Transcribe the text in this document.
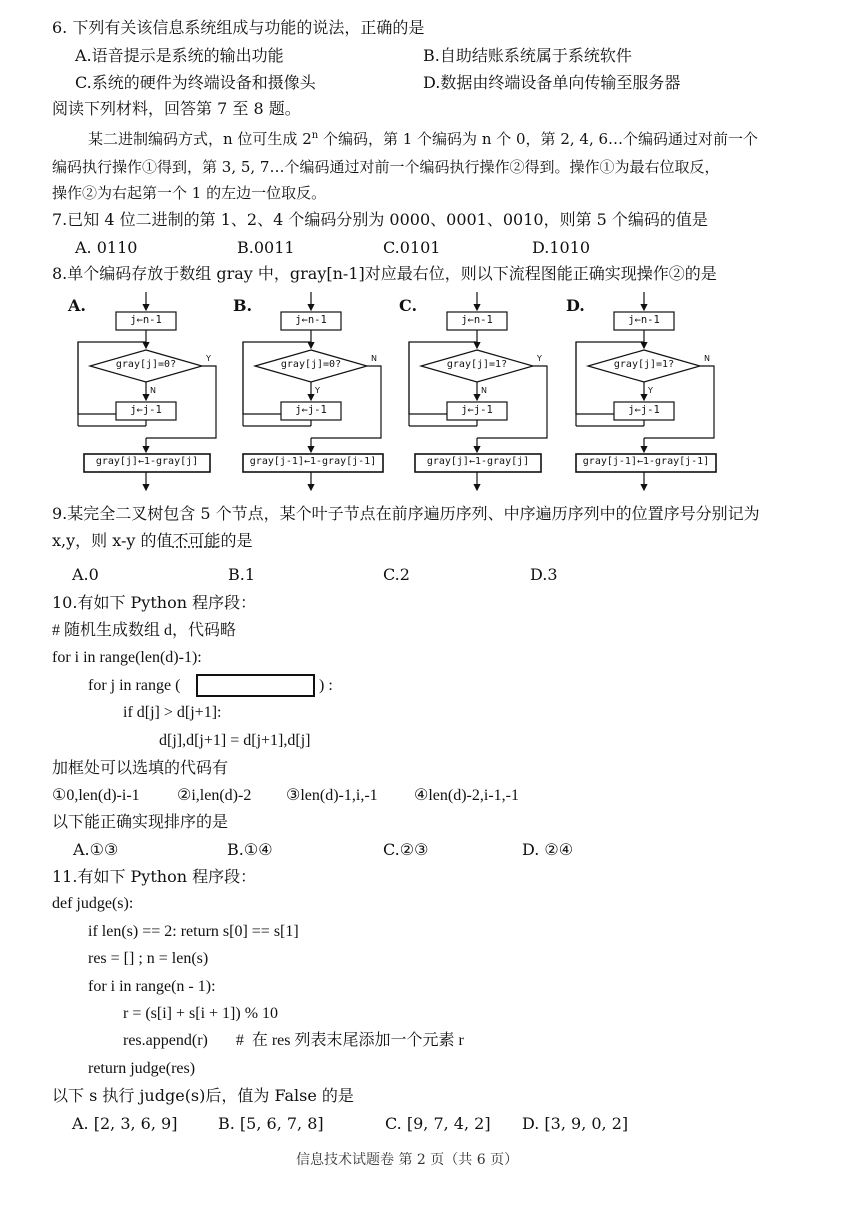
6. 下列有关该信息系统组成与功能的说法，正确的是
A.语音提示是系统的输出功能	B.自助结账系统属于系统软件
C.系统的硬件为终端设备和摄像头	D.数据由终端设备单向传输至服务器
阅读下列材料，回答第 7 至 8 题。
某二进制编码方式，n 位可生成 2$^n$ 个编码，第 1 个编码为 n 个 0，第 2, 4, 6…个编码通过对前一个
编码执行操作①得到，第 3, 5, 7…个编码通过对前一个编码执行操作②得到。操作①为最右位取反，
操作②为右起第一个 1 的左边一位取反。
7.已知 4 位二进制的第 1、2、4 个编码分别为 0000、0001、0010，则第 5 个编码的值是
A. 0110	B.0011	C.0101	D.1010
8.单个编码存放于数组 gray 中，gray[n-1]对应最右位，则以下流程图能正确实现操作②的是
A.
j←n-1
gray[j]=0?
j←j-1
gray[j]←1-gray[j]
Y
N
B.
j←n-1
gray[j]=0?
j←j-1
gray[j-1]←1-gray[j-1]
N
Y
C.
j←n-1
gray[j]=1?
j←j-1
gray[j]←1-gray[j]
Y
N
D.
j←n-1
gray[j]=1?
j←j-1
gray[j-1]←1-gray[j-1]
N
Y
9.某完全二叉树包含 5 个节点，某个叶子节点在前序遍历序列、中序遍历序列中的位置序号分别记为
x,y，则 x-y 的值不可能的是
A.0	B.1	C.2	D.3
10.有如下 Python 程序段：
# 随机生成数组 d，代码略
for i in range(len(d)-1):
for j in range (	) :
if d[j] > d[j+1]:
d[j],d[j+1] = d[j+1],d[j]
加框处可以选填的代码有
①0,len(d)-i-1 ②i,len(d)-2 ③len(d)-1,i,-1 ④len(d)-2,i-1,-1
以下能正确实现排序的是
A.①③	B.①④	C.②③	D. ②④
11.有如下 Python 程序段：
def judge(s):
if len(s) == 2: return s[0] == s[1]
res = [] ; n = len(s)
for i in range(n - 1):
r = (s[i] + s[i + 1]) % 10
res.append(r)       #  在 res 列表末尾添加一个元素 r
return judge(res)
以下 s 执行 judge(s)后，值为 False 的是
A. [2, 3, 6, 9]	B. [5, 6, 7, 8]	C. [9, 7, 4, 2] D. [3, 9, 0, 2]
信息技术试题卷 第 2 页（共 6 页）
